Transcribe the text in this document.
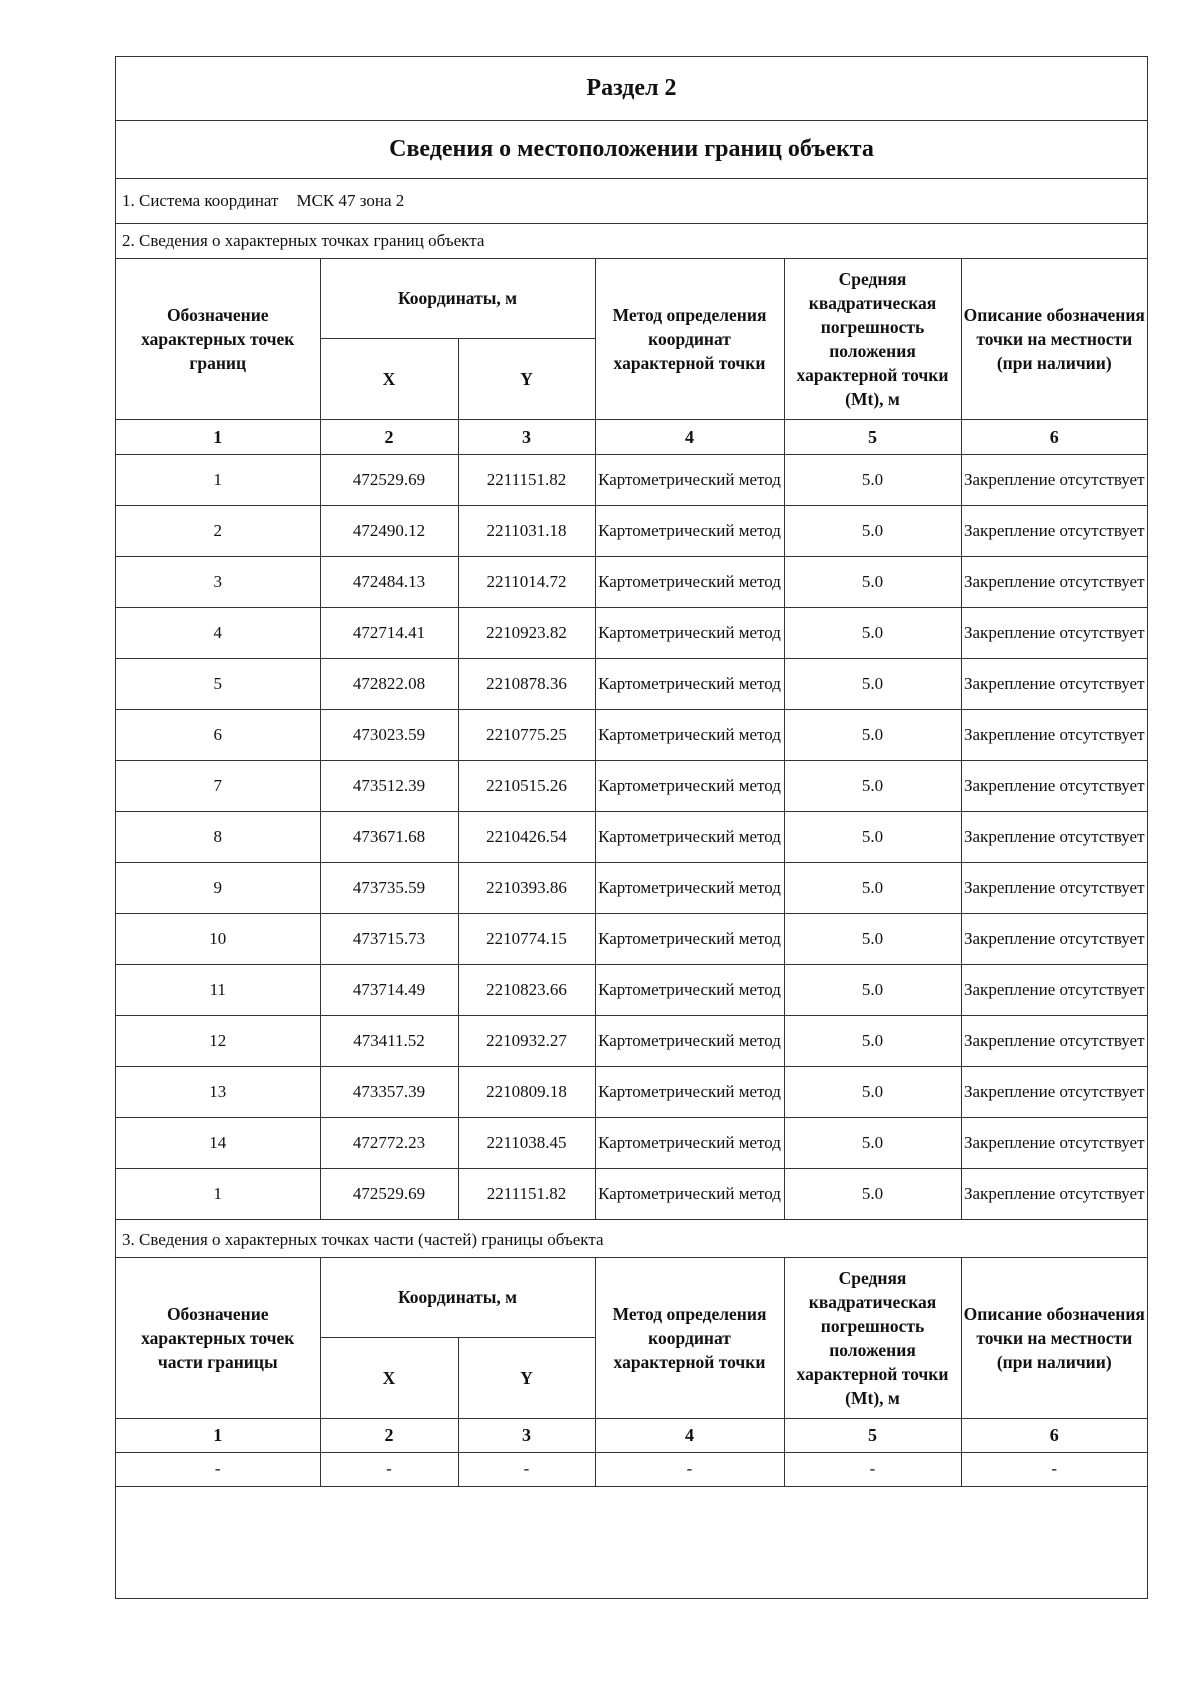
Раздел 2
Сведения о местоположении границ объекта
1. Система координат МСК 47 зона 2
2. Сведения о характерных точках границ объекта
Обозначение характерных точек границ	Координаты, м		Метод определения координат характерной точки	Средняя квадратическая погрешность положения характерной точки (Mt), м	Описание обозначения точки на местности (при наличии)
	X	Y			
1	2	3	4	5	6
1	472529.69	2211151.82	Картометрический метод	5.0	Закрепление отсутствует
2	472490.12	2211031.18	Картометрический метод	5.0	Закрепление отсутствует
3	472484.13	2211014.72	Картометрический метод	5.0	Закрепление отсутствует
4	472714.41	2210923.82	Картометрический метод	5.0	Закрепление отсутствует
5	472822.08	2210878.36	Картометрический метод	5.0	Закрепление отсутствует
6	473023.59	2210775.25	Картометрический метод	5.0	Закрепление отсутствует
7	473512.39	2210515.26	Картометрический метод	5.0	Закрепление отсутствует
8	473671.68	2210426.54	Картометрический метод	5.0	Закрепление отсутствует
9	473735.59	2210393.86	Картометрический метод	5.0	Закрепление отсутствует
10	473715.73	2210774.15	Картометрический метод	5.0	Закрепление отсутствует
11	473714.49	2210823.66	Картометрический метод	5.0	Закрепление отсутствует
12	473411.52	2210932.27	Картометрический метод	5.0	Закрепление отсутствует
13	473357.39	2210809.18	Картометрический метод	5.0	Закрепление отсутствует
14	472772.23	2211038.45	Картометрический метод	5.0	Закрепление отсутствует
1	472529.69	2211151.82	Картометрический метод	5.0	Закрепление отсутствует
3. Сведения о характерных точках части (частей) границы объекта
Обозначение характерных точек части границы	Координаты, м		Метод определения координат характерной точки	Средняя квадратическая погрешность положения характерной точки (Mt), м	Описание обозначения точки на местности (при наличии)
	X	Y			
1	2	3	4	5	6
-	-	-	-	-	-
